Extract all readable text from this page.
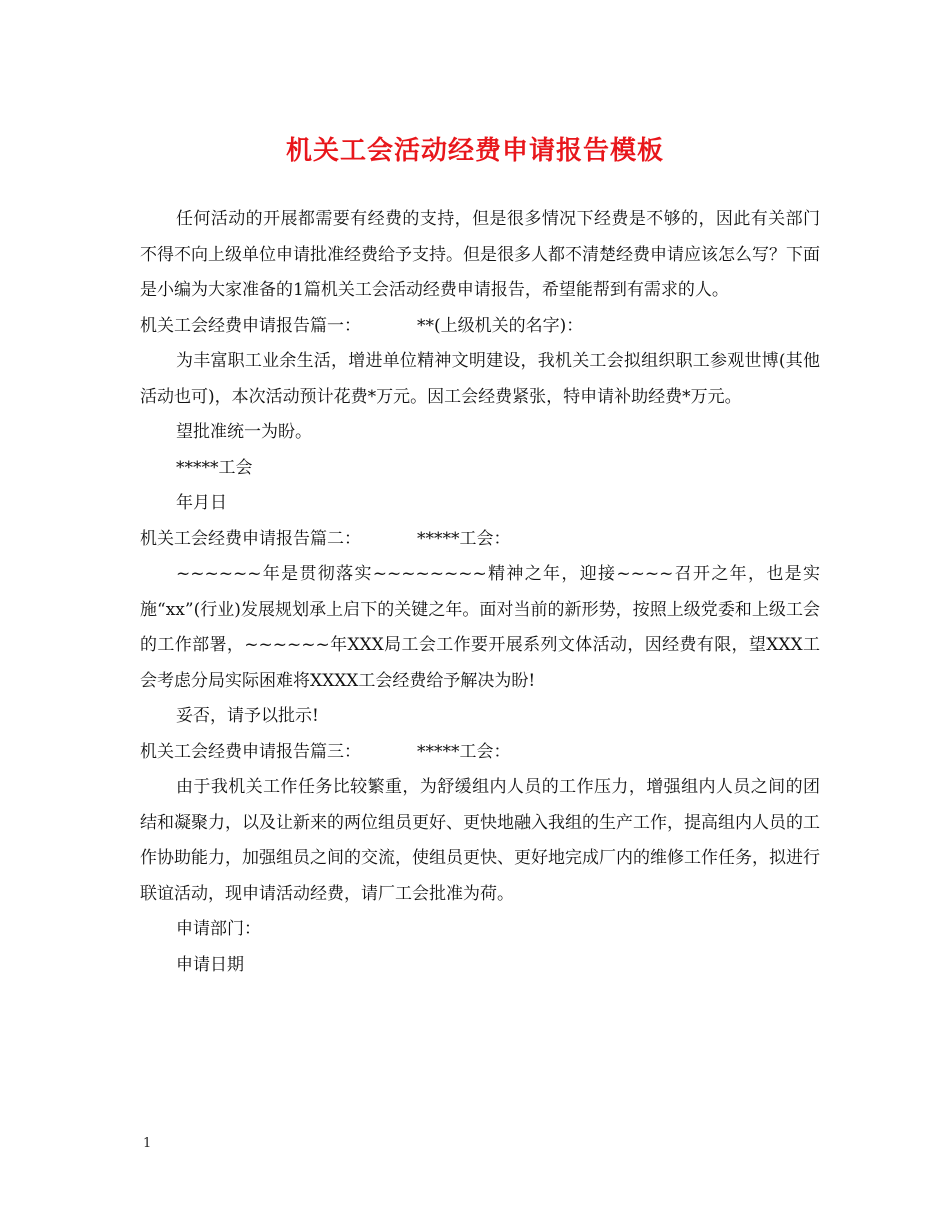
机关工会活动经费申请报告模板

任何活动的开展都需要有经费的支持，但是很多情况下经费是不够的，因此有关部门不得不向上级单位申请批准经费给予支持。但是很多人都不清楚经费申请应该怎么写？下面是小编为大家准备的1篇机关工会活动经费申请报告，希望能帮到有需求的人。

机关工会经费申请报告篇一：	**(上级机关的名字)：

为丰富职工业余生活，增进单位精神文明建设，我机关工会拟组织职工参观世博(其他活动也可)，本次活动预计花费*万元。因工会经费紧张，特申请补助经费*万元。

望批准统一为盼。

*****工会

年月日

机关工会经费申请报告篇二：	*****工会：

~~~~~~年是贯彻落实~~~~~~~~精神之年，迎接~~~~召开之年，也是实施“xx”(行业)发展规划承上启下的关键之年。面对当前的新形势，按照上级党委和上级工会的工作部署，~~~~~~年XXX局工会工作要开展系列文体活动，因经费有限，望XXX工会考虑分局实际困难将XXXX工会经费给予解决为盼!

妥否，请予以批示!

机关工会经费申请报告篇三：	*****工会：

由于我机关工作任务比较繁重，为舒缓组内人员的工作压力，增强组内人员之间的团结和凝聚力，以及让新来的两位组员更好、更快地融入我组的生产工作，提高组内人员的工作协助能力，加强组员之间的交流，使组员更快、更好地完成厂内的维修工作任务，拟进行联谊活动，现申请活动经费，请厂工会批准为荷。

申请部门：

申请日期

1
